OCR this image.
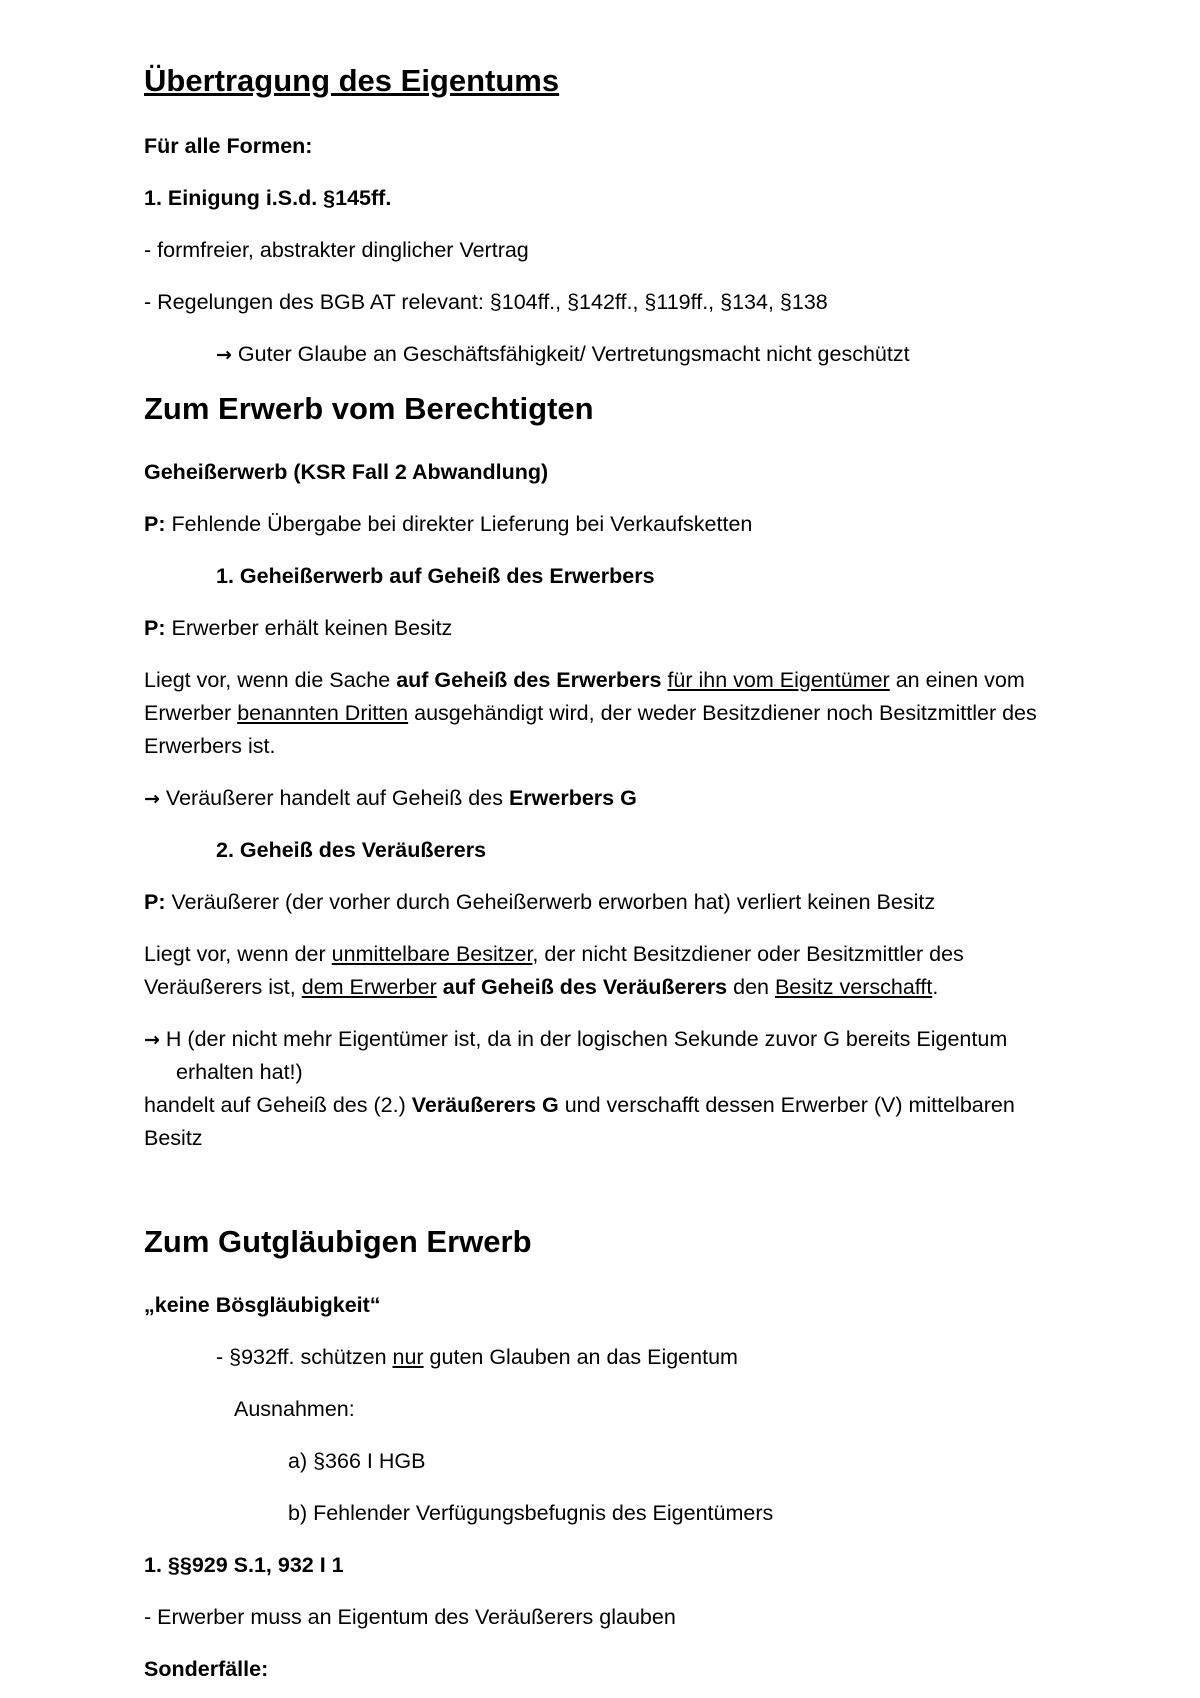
Übertragung des Eigentums
Für alle Formen:
1. Einigung i.S.d. §145ff.
- formfreier, abstrakter dinglicher Vertrag
- Regelungen des BGB AT relevant: §104ff., §142ff., §119ff., §134, §138
→ Guter Glaube an Geschäftsfähigkeit/ Vertretungsmacht nicht geschützt
Zum Erwerb vom Berechtigten
Geheißerwerb (KSR Fall 2 Abwandlung)
P: Fehlende Übergabe bei direkter Lieferung bei Verkaufsketten
1. Geheißerwerb auf Geheiß des Erwerbers
P: Erwerber erhält keinen Besitz
Liegt vor, wenn die Sache auf Geheiß des Erwerbers für ihn vom Eigentümer an einen vom
Erwerber benannten Dritten ausgehändigt wird, der weder Besitzdiener noch Besitzmittler des
Erwerbers ist.
→ Veräußerer handelt auf Geheiß des Erwerbers G
2. Geheiß des Veräußerers
P: Veräußerer (der vorher durch Geheißerwerb erworben hat) verliert keinen Besitz
Liegt vor, wenn der unmittelbare Besitzer, der nicht Besitzdiener oder Besitzmittler des
Veräußerers ist, dem Erwerber auf Geheiß des Veräußerers den Besitz verschafft.
→ H (der nicht mehr Eigentümer ist, da in der logischen Sekunde zuvor G bereits Eigentum
erhalten hat!)
handelt auf Geheiß des (2.) Veräußerers G und verschafft dessen Erwerber (V) mittelbaren
Besitz
Zum Gutgläubigen Erwerb
„keine Bösgläubigkeit“
- §932ff. schützen nur guten Glauben an das Eigentum
Ausnahmen:
a) §366 I HGB
b) Fehlender Verfügungsbefugnis des Eigentümers
1. §§929 S.1, 932 I 1
- Erwerber muss an Eigentum des Veräußerers glauben
Sonderfälle:
